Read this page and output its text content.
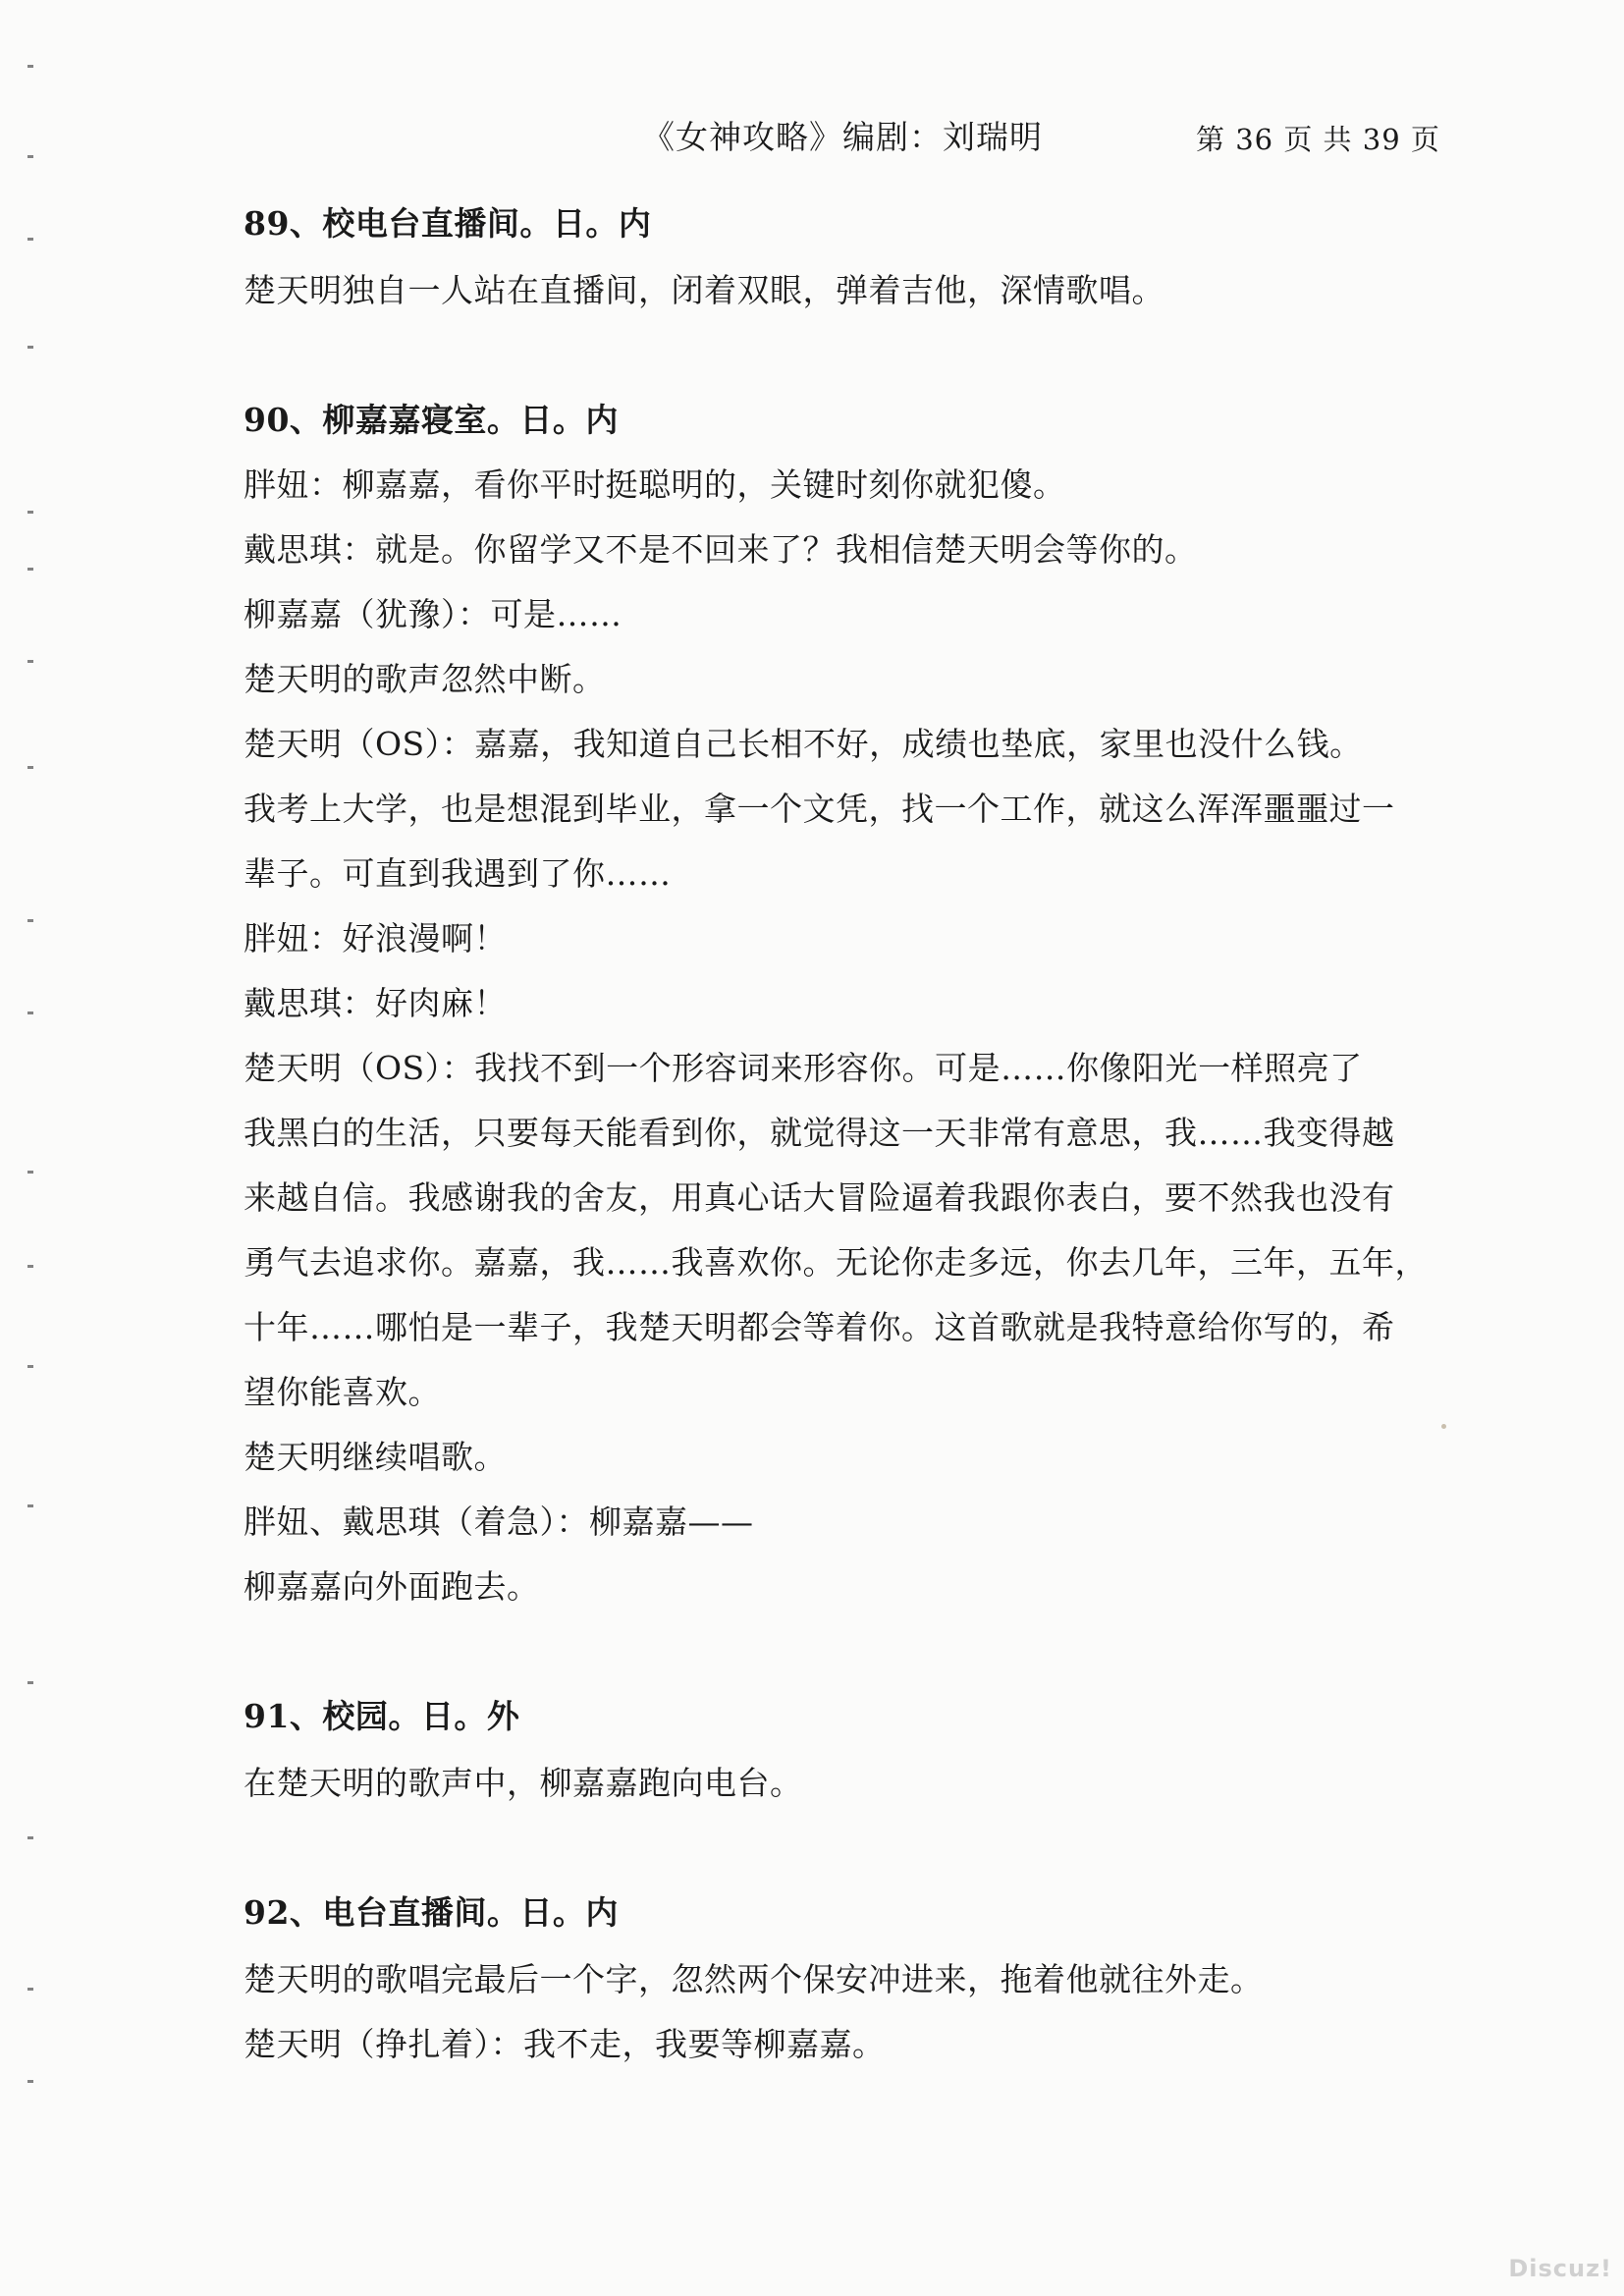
《女神攻略》编剧：刘瑞明	第 36 页 共 39 页
89、校电台直播间。日。内
楚天明独自一人站在直播间，闭着双眼，弹着吉他，深情歌唱。
90、柳嘉嘉寝室。日。内
胖妞：柳嘉嘉，看你平时挺聪明的，关键时刻你就犯傻。
戴思琪：就是。你留学又不是不回来了？我相信楚天明会等你的。
柳嘉嘉（犹豫）：可是……
楚天明的歌声忽然中断。
楚天明（OS）：嘉嘉，我知道自己长相不好，成绩也垫底，家里也没什么钱。
我考上大学，也是想混到毕业，拿一个文凭，找一个工作，就这么浑浑噩噩过一
辈子。可直到我遇到了你……
胖妞：好浪漫啊！
戴思琪：好肉麻！
楚天明（OS）：我找不到一个形容词来形容你。可是……你像阳光一样照亮了
我黑白的生活，只要每天能看到你，就觉得这一天非常有意思，我……我变得越
来越自信。我感谢我的舍友，用真心话大冒险逼着我跟你表白，要不然我也没有
勇气去追求你。嘉嘉，我……我喜欢你。无论你走多远，你去几年，三年，五年，
十年……哪怕是一辈子，我楚天明都会等着你。这首歌就是我特意给你写的，希
望你能喜欢。
楚天明继续唱歌。
胖妞、戴思琪（着急）：柳嘉嘉——
柳嘉嘉向外面跑去。
91、校园。日。外
在楚天明的歌声中，柳嘉嘉跑向电台。
92、电台直播间。日。内
楚天明的歌唱完最后一个字，忽然两个保安冲进来，拖着他就往外走。
楚天明（挣扎着）：我不走，我要等柳嘉嘉。
Discuz!
